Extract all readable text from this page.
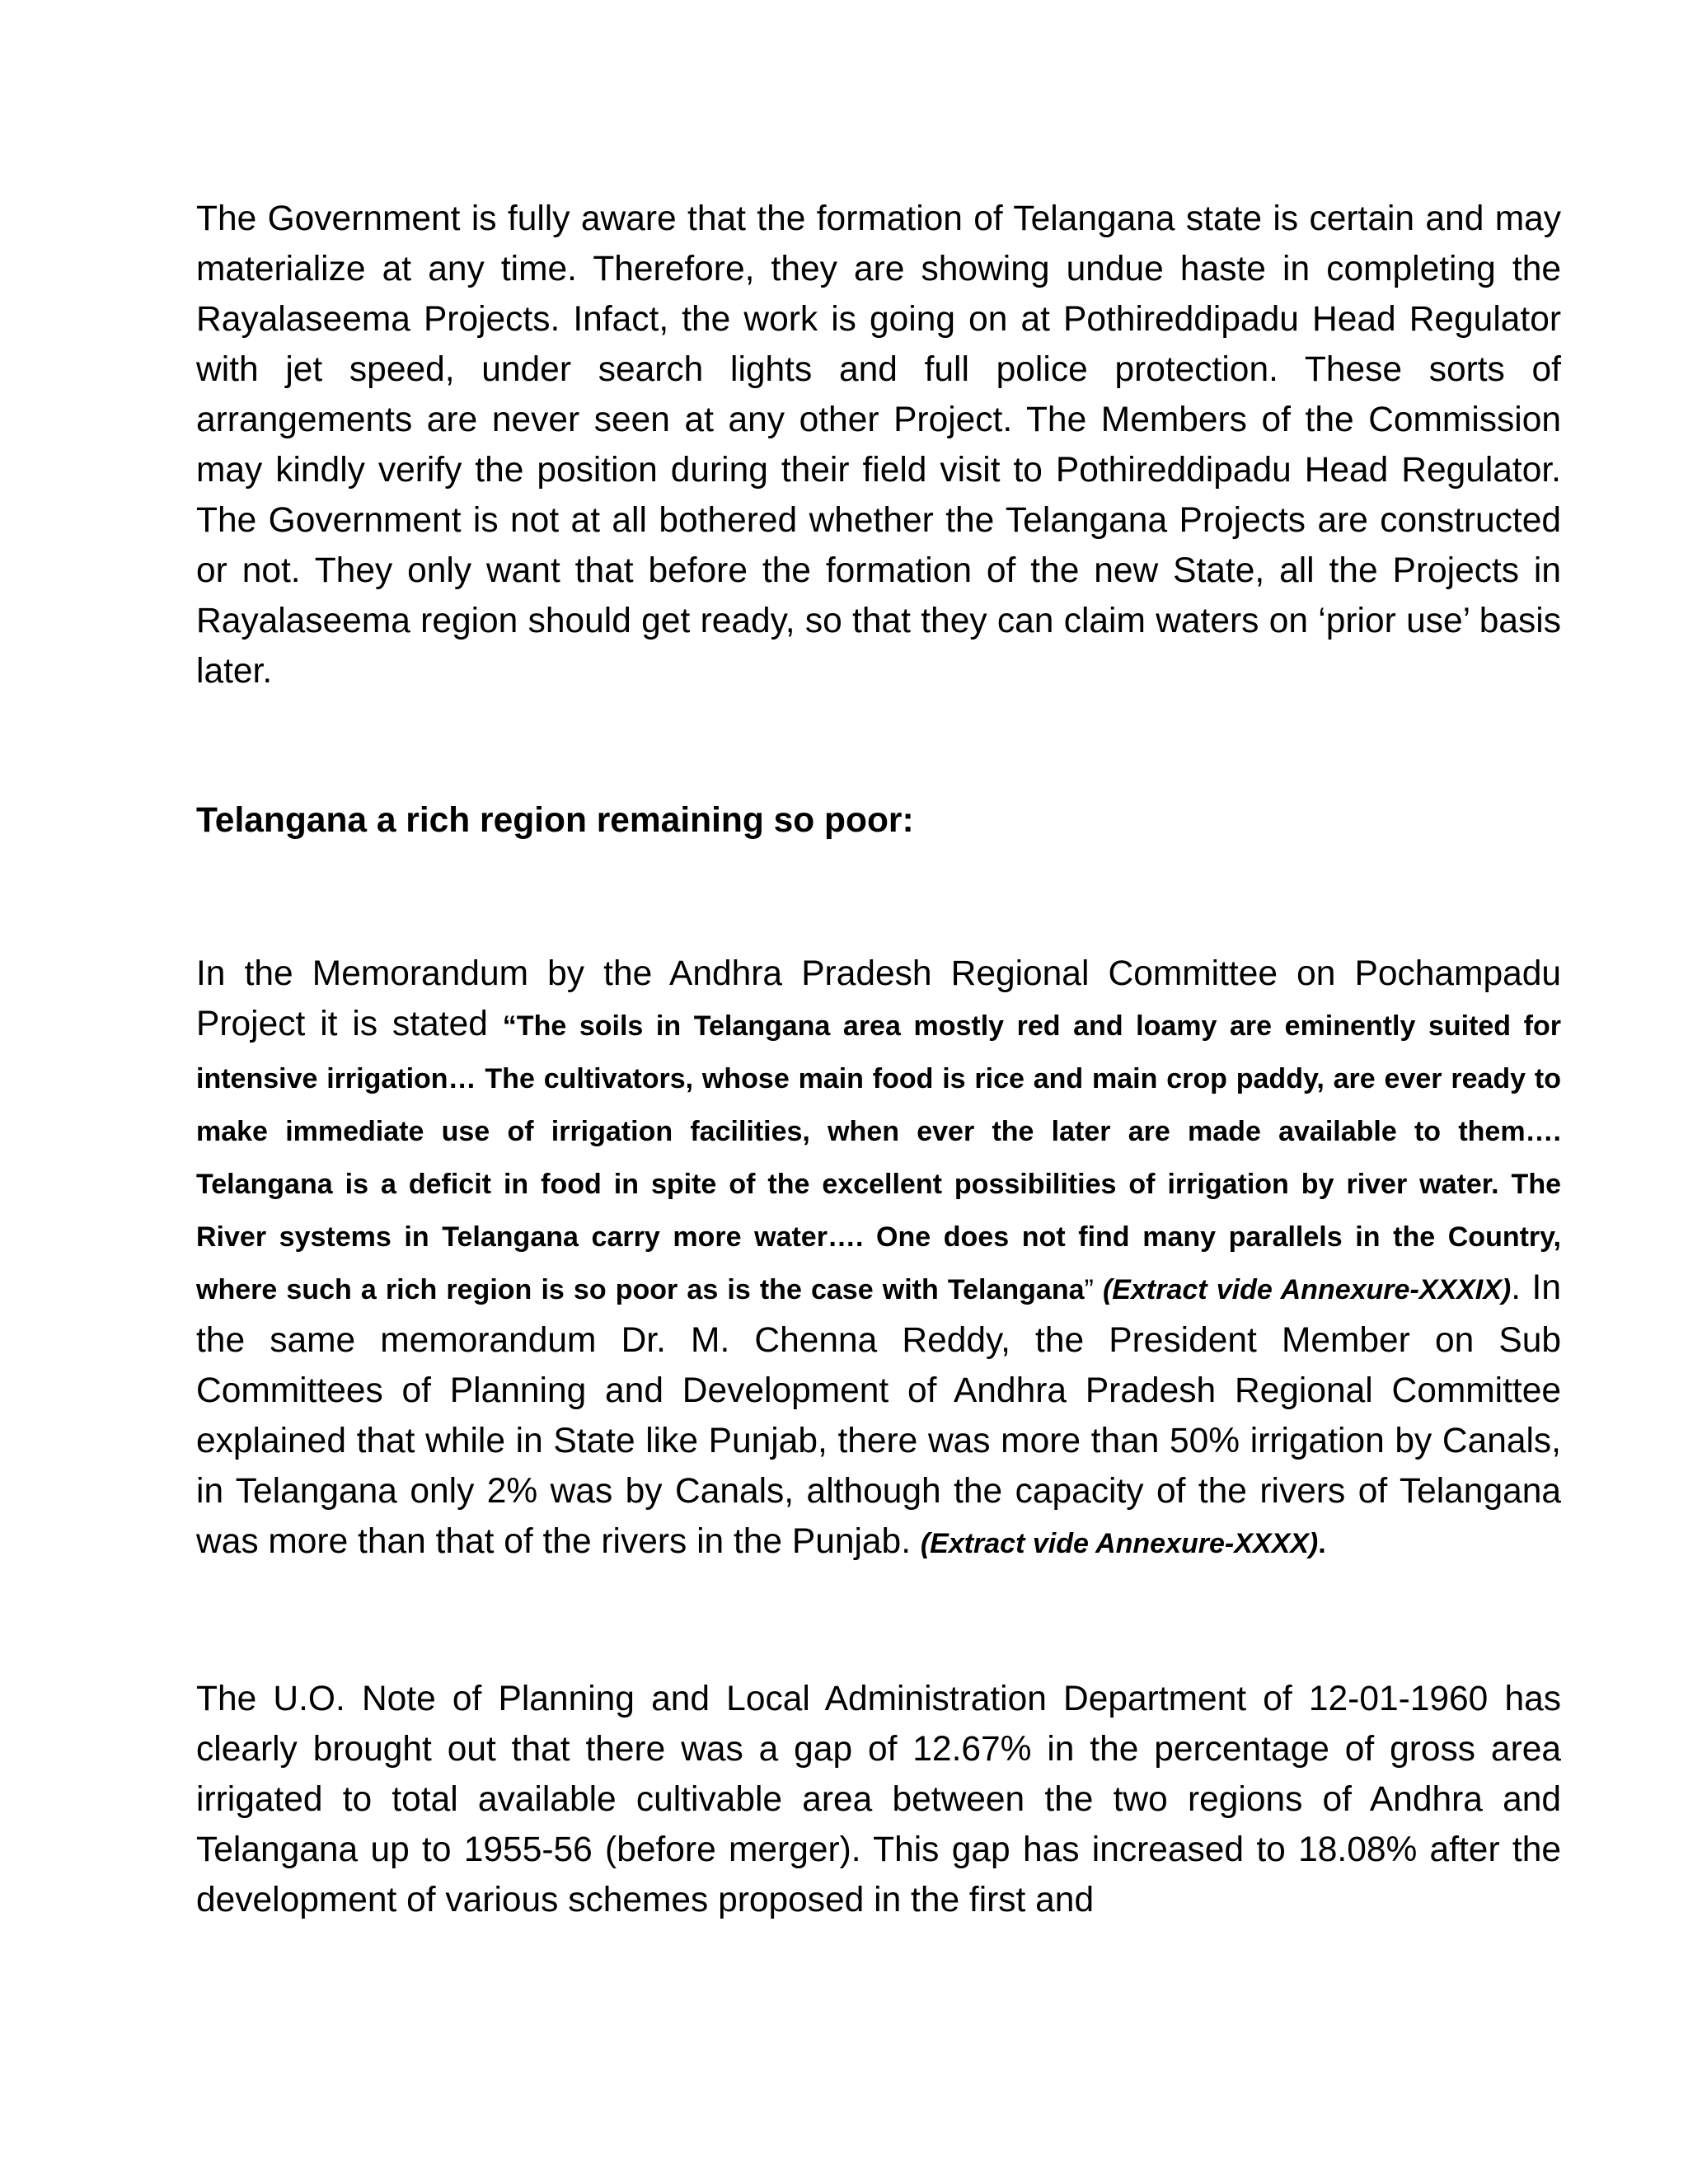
The Government is fully aware that the formation of Telangana state is certain and may materialize at any time. Therefore, they are showing undue haste in completing the Rayalaseema Projects. Infact, the work is going on at Pothireddipadu Head Regulator with jet speed, under search lights and full police protection. These sorts of arrangements are never seen at any other Project. The Members of the Commission may kindly verify the position during their field visit to Pothireddipadu Head Regulator. The Government is not at all bothered whether the Telangana Projects are constructed or not. They only want that before the formation of the new State, all the Projects in Rayalaseema region should get ready, so that they can claim waters on ‘prior use’ basis later.

Telangana a rich region remaining so poor:

In the Memorandum by the Andhra Pradesh Regional Committee on Pochampadu Project it is stated “The soils in Telangana area mostly red and loamy are eminently suited for intensive irrigation… The cultivators, whose main food is rice and main crop paddy, are ever ready to make immediate use of irrigation facilities, when ever the later are made available to them…. Telangana is a deficit in food in spite of the excellent possibilities of irrigation by river water. The River systems in Telangana carry more water…. One does not find many parallels in the Country, where such a rich region is so poor as is the case with Telangana” (Extract vide Annexure-XXXIX). In the same memorandum Dr. M. Chenna Reddy, the President Member on Sub Committees of Planning and Development of Andhra Pradesh Regional Committee explained that while in State like Punjab, there was more than 50% irrigation by Canals, in Telangana only 2% was by Canals, although the capacity of the rivers of Telangana was more than that of the rivers in the Punjab. (Extract vide Annexure-XXXX).

The U.O. Note of Planning and Local Administration Department of 12-01-1960 has clearly brought out that there was a gap of 12.67% in the percentage of gross area irrigated to total available cultivable area between the two regions of Andhra and Telangana up to 1955-56 (before merger). This gap has increased to 18.08% after the development of various schemes proposed in the first and
